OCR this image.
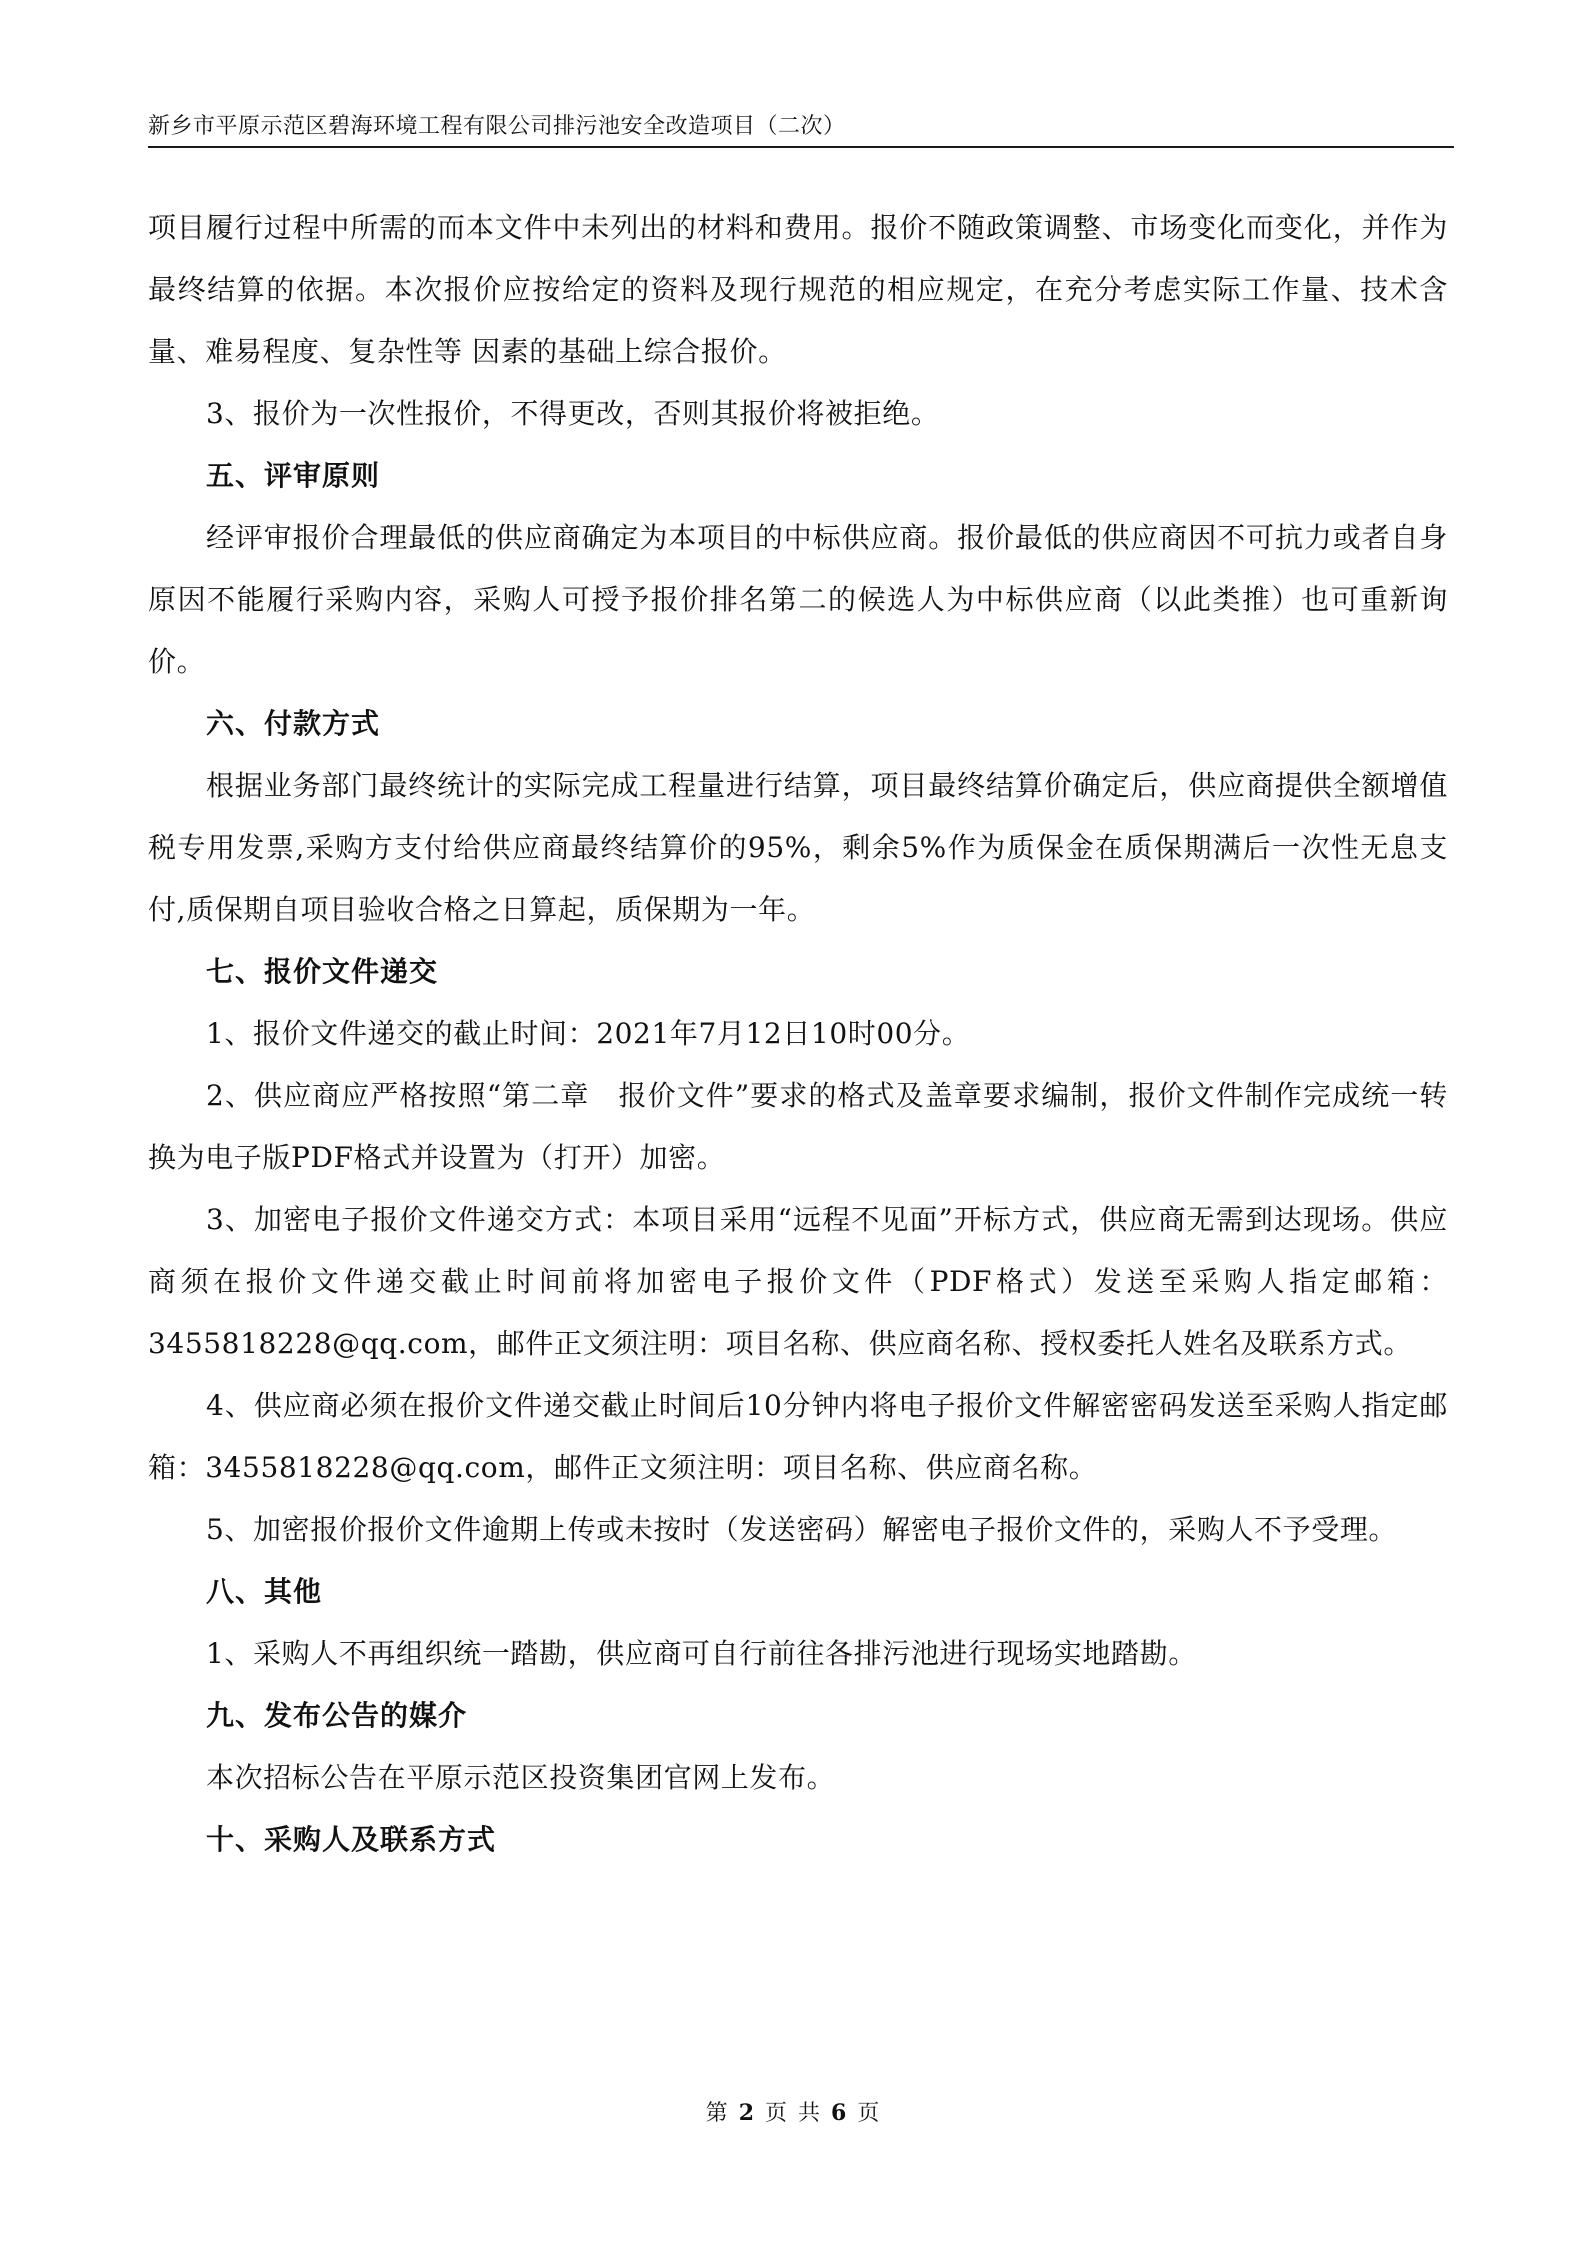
新乡市平原示范区碧海环境工程有限公司排污池安全改造项目（二次）

项目履行过程中所需的而本文件中未列出的材料和费用。报价不随政策调整、市场变化而变化，并作为最终结算的依据。本次报价应按给定的资料及现行规范的相应规定，在充分考虑实际工作量、技术含量、难易程度、复杂性等 因素的基础上综合报价。

3、报价为一次性报价，不得更改，否则其报价将被拒绝。

五、评审原则

经评审报价合理最低的供应商确定为本项目的中标供应商。报价最低的供应商因不可抗力或者自身原因不能履行采购内容，采购人可授予报价排名第二的候选人为中标供应商（以此类推）也可重新询价。

六、付款方式

根据业务部门最终统计的实际完成工程量进行结算，项目最终结算价确定后，供应商提供全额增值税专用发票,采购方支付给供应商最终结算价的95%，剩余5%作为质保金在质保期满后一次性无息支付,质保期自项目验收合格之日算起，质保期为一年。

七、报价文件递交

1、报价文件递交的截止时间：2021年7月12日10时00分。

2、供应商应严格按照“第二章　报价文件”要求的格式及盖章要求编制，报价文件制作完成统一转换为电子版PDF格式并设置为（打开）加密。

3、加密电子报价文件递交方式：本项目采用“远程不见面”开标方式，供应商无需到达现场。供应商须在报价文件递交截止时间前将加密电子报价文件（PDF格式）发送至采购人指定邮箱：3455818228@qq.com，邮件正文须注明：项目名称、供应商名称、授权委托人姓名及联系方式。

4、供应商必须在报价文件递交截止时间后10分钟内将电子报价文件解密密码发送至采购人指定邮箱：3455818228@qq.com，邮件正文须注明：项目名称、供应商名称。

5、加密报价报价文件逾期上传或未按时（发送密码）解密电子报价文件的，采购人不予受理。

八、其他

1、采购人不再组织统一踏勘，供应商可自行前往各排污池进行现场实地踏勘。

九、发布公告的媒介

本次招标公告在平原示范区投资集团官网上发布。

十、采购人及联系方式

第 2 页 共 6 页
